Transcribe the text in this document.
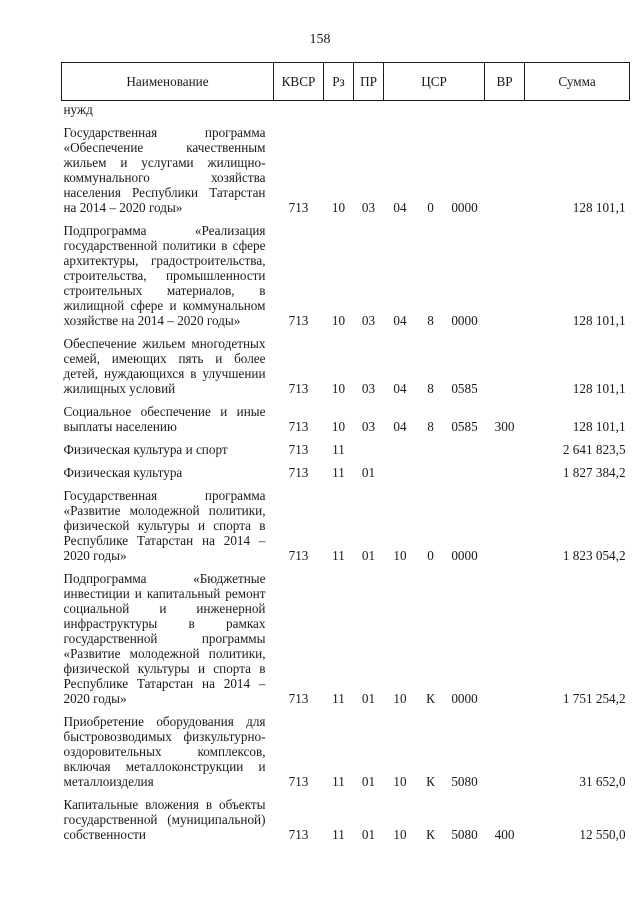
158
Наименование	КВСР	Рз	ПР	ЦСР			ВР	Сумма
нужд								
Государственная программа «Обеспечение качественным жильем и услугами жилищно-коммунального хозяйства населения Республики Татарстан на 2014 – 2020 годы»	713	10	03	04	0	0000		128 101,1
Подпрограмма «Реализация государственной политики в сфере архитектуры, градостроительства, строительства, промышленности строительных материалов, в жилищной сфере и коммунальном хозяйстве на 2014 – 2020 годы»	713	10	03	04	8	0000		128 101,1
Обеспечение жильем многодетных семей, имеющих пять и более детей, нуждающихся в улучшении жилищных условий	713	10	03	04	8	0585		128 101,1
Социальное обеспечение и иные выплаты населению	713	10	03	04	8	0585	300	128 101,1
Физическая культура и спорт	713	11						2 641 823,5
Физическая культура	713	11	01					1 827 384,2
Государственная программа «Развитие молодежной политики, физической культуры и спорта в Республике Татарстан на 2014 – 2020 годы»	713	11	01	10	0	0000		1 823 054,2
Подпрограмма «Бюджетные инвестиции и капитальный ремонт социальной и инженерной инфраструктуры в рамках государственной программы «Развитие молодежной политики, физической культуры и спорта в Республике Татарстан на 2014 – 2020 годы»	713	11	01	10	К	0000		1 751 254,2
Приобретение оборудования для быстровозводимых физкультурно-оздоровительных комплексов, включая металлоконструкции и металлоизделия	713	11	01	10	К	5080		31 652,0
Капитальные вложения в объекты государственной (муниципальной) собственности	713	11	01	10	К	5080	400	12 550,0
